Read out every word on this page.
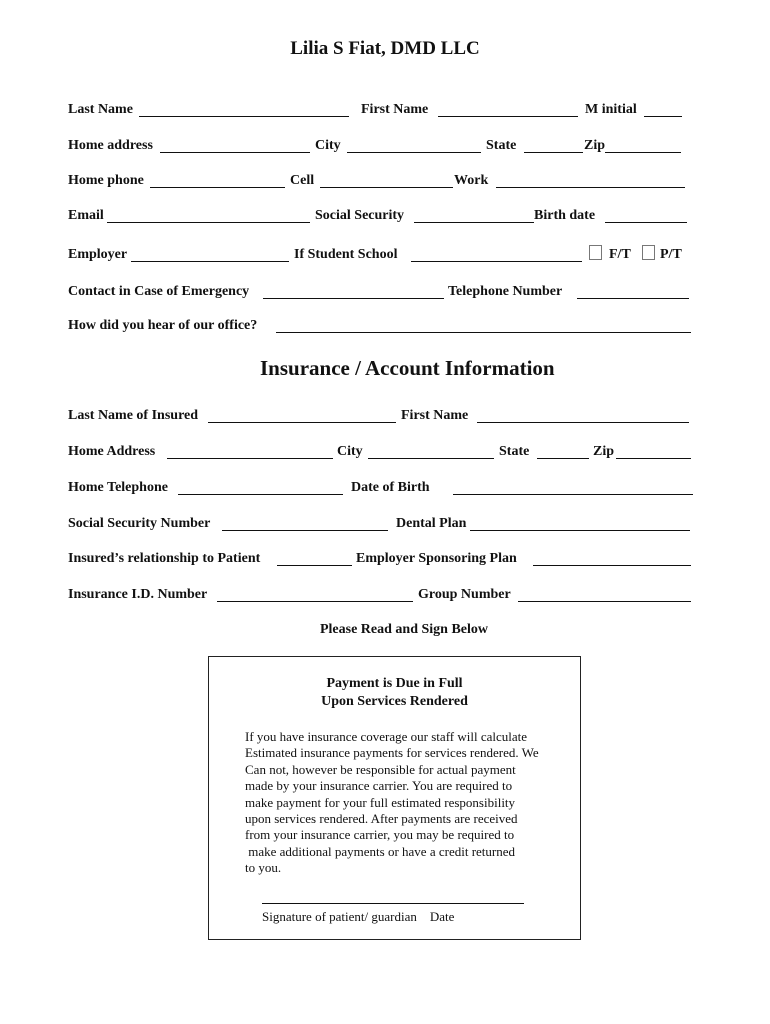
Lilia S Fiat, DMD LLC
Last Name	First Name	M initial
Home address	City	State	Zip
Home phone	Cell	Work
Email	Social Security	Birth date
Employer	If Student School	F/T P/T
Contact in Case of Emergency	Telephone Number
How did you hear of our office?
Insurance / Account Information
Last Name of Insured	First Name
Home Address	City	State	Zip
Home Telephone	Date of Birth
Social Security Number	Dental Plan
Insured’s relationship to Patient	Employer Sponsoring Plan
Insurance I.D. Number	Group Number
Please Read and Sign Below
Payment is Due in Full
Upon Services Rendered
If you have insurance coverage our staff will calculate
Estimated insurance payments for services rendered. We
Can not, however be responsible for actual payment
made by your insurance carrier. You are required to
make payment for your full estimated responsibility
upon services rendered. After payments are received
from your insurance carrier, you may be required to
make additional payments or have a credit returned
to you.
Signature of patient/ guardian    Date
